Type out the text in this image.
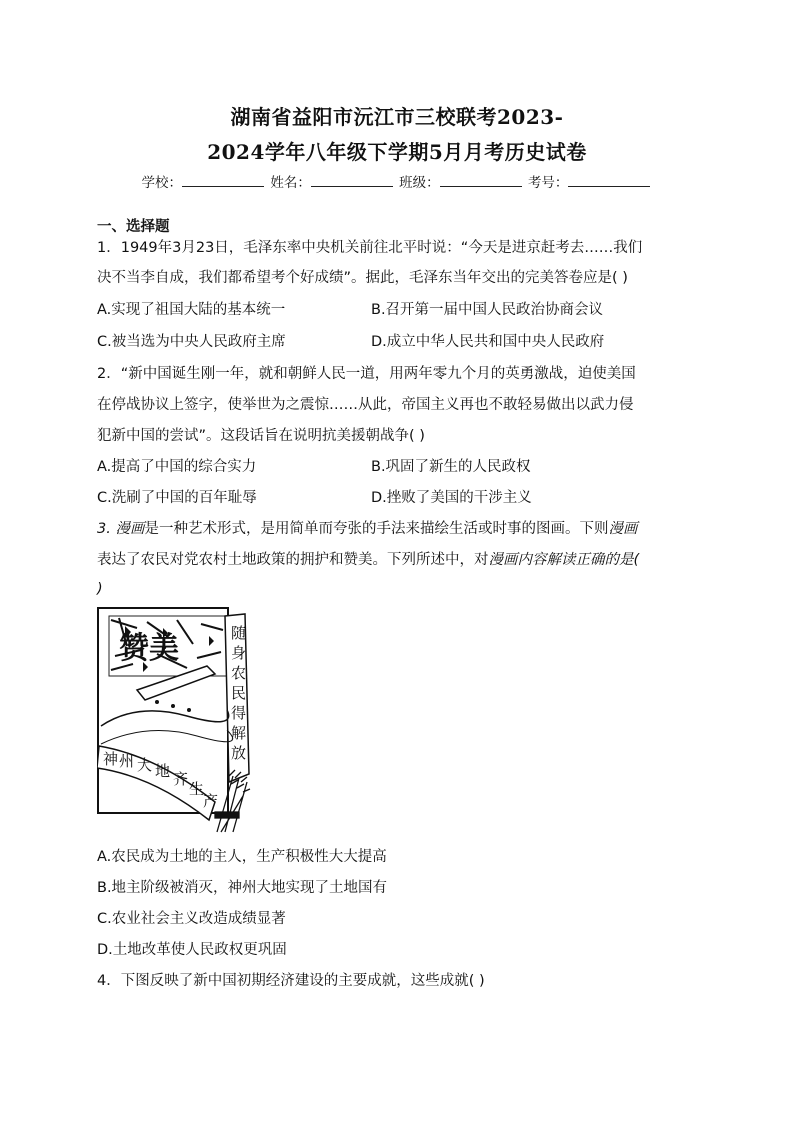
湖南省益阳市沅江市三校联考2023-
2024学年八年级下学期5月月考历史试卷
学校：	姓名：	班级：	考号：
一、选择题
1．1949年3月23日，毛泽东率中央机关前往北平时说：“今天是进京赶考去……我们
决不当李自成，我们都希望考个好成绩”。据此，毛泽东当年交出的完美答卷应是( )
A.实现了祖国大陆的基本统一	B.召开第一届中国人民政治协商会议
C.被当选为中央人民政府主席	D.成立中华人民共和国中央人民政府
2．“新中国诞生刚一年，就和朝鲜人民一道，用两年零九个月的英勇激战，迫使美国
在停战协议上签字，使举世为之震惊……从此，帝国主义再也不敢轻易做出以武力侵
犯新中国的尝试”。这段话旨在说明抗美援朝战争( )
A.提高了中国的综合实力	B.巩固了新生的人民政权
C.洗刷了中国的百年耻辱	D.挫败了美国的干涉主义
3. 漫画是一种艺术形式，是用简单而夸张的手法来描绘生活或时事的图画。下则漫画
表达了农民对党农村土地政策的拥护和赞美。下列所述中，对漫画内容解读正确的是(
)
赞美	随 身 农 民 得 解 放
神 州 大 地 齐 生 产
A.农民成为土地的主人，生产积极性大大提高
B.地主阶级被消灭，神州大地实现了土地国有
C.农业社会主义改造成绩显著
D.土地改革使人民政权更巩固
4．下图反映了新中国初期经济建设的主要成就，这些成就( )
